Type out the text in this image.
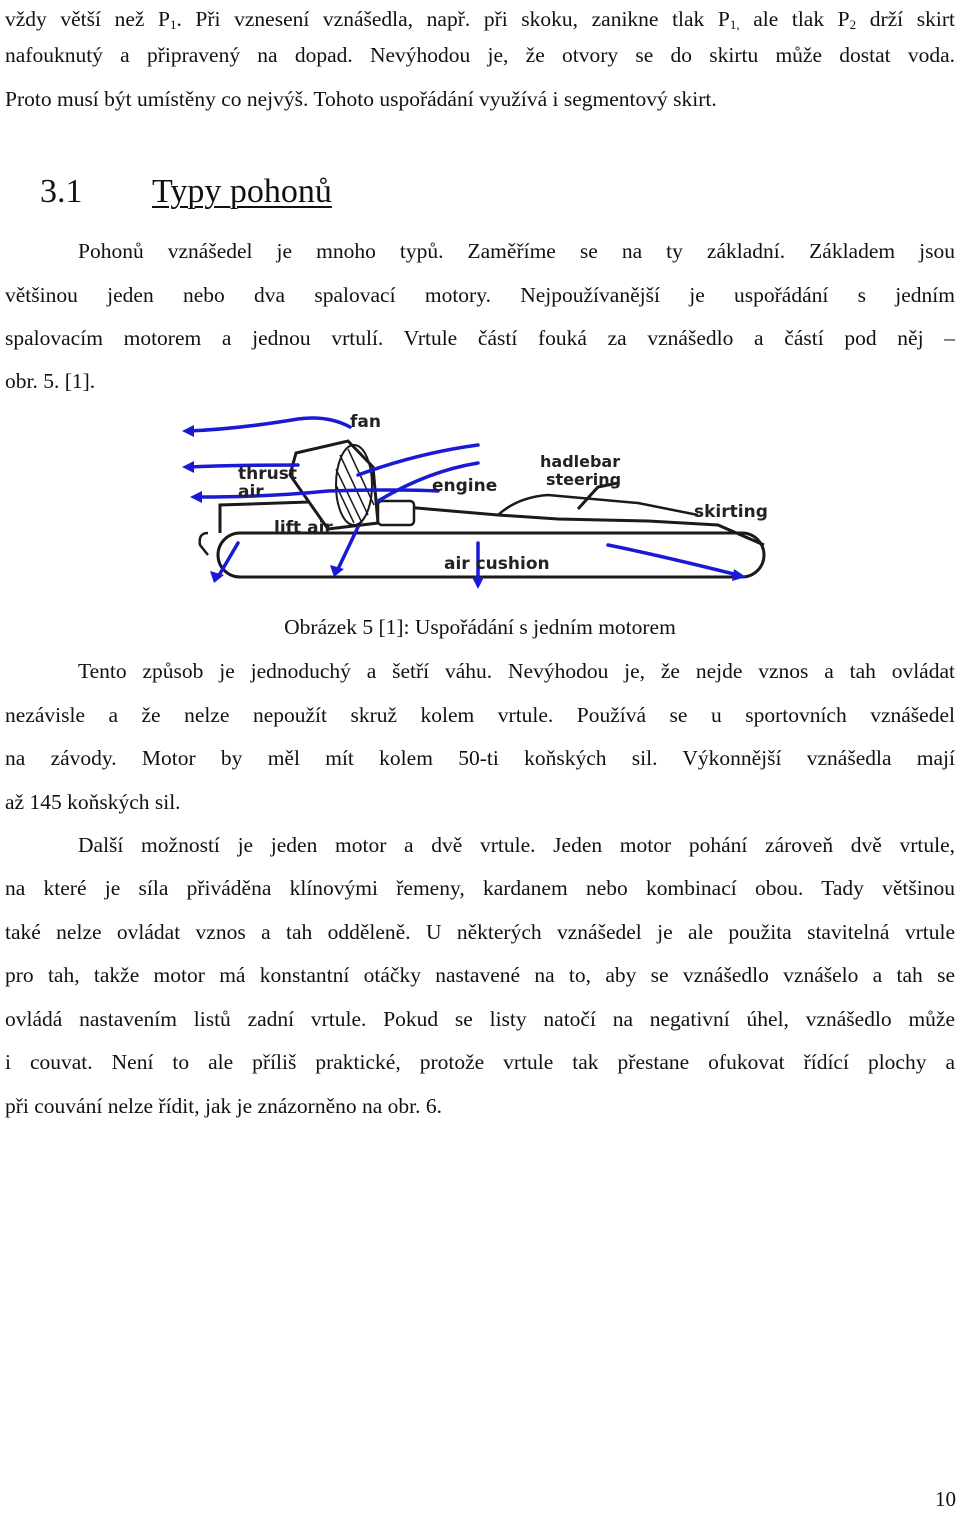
vždy větší než $P_1$. Při vznesení vznášedla, např. při skoku, zanikne tlak $P_{1,}$ ale tlak $P_2$ drží skirt
nafouknutý a připravený na dopad. Nevýhodou je, že otvory se do skirtu může dostat voda.
Proto musí být umístěny co nejvýš. Tohoto uspořádání využívá i segmentový skirt.
3.1 Typy pohonů
Pohonů vznášedel je mnoho typů. Zaměříme se na ty základní. Základem jsou
většinou jeden nebo dva spalovací motory. Nejpoužívanější je uspořádání s jedním
spalovacím motorem a jednou vrtulí. Vrtule částí fouká za vznášedlo a částí pod něj –
obr. 5. [1].
fan
thrust
air	engine
hadlebar
steering
skirting
lift air
air cushion
Obrázek 5 [1]: Uspořádání s jedním motorem
Tento způsob je jednoduchý a šetří váhu. Nevýhodou je, že nejde vznos a tah ovládat
nezávisle a že nelze nepoužít skruž kolem vrtule. Používá se u sportovních vznášedel
na závody. Motor by měl mít kolem 50-ti koňských sil. Výkonnější vznášedla mají
až 145 koňských sil.
Další možností je jeden motor a dvě vrtule. Jeden motor pohání zároveň dvě vrtule,
na které je síla přiváděna klínovými řemeny, kardanem nebo kombinací obou. Tady většinou
také nelze ovládat vznos a tah odděleně. U některých vznášedel je ale použita stavitelná vrtule
pro tah, takže motor má konstantní otáčky nastavené na to, aby se vznášedlo vznášelo a tah se
ovládá nastavením listů zadní vrtule. Pokud se listy natočí na negativní úhel, vznášedlo může
i couvat. Není to ale příliš praktické, protože vrtule tak přestane ofukovat řídící plochy a
při couvání nelze řídit, jak je znázorněno na obr. 6.
10
